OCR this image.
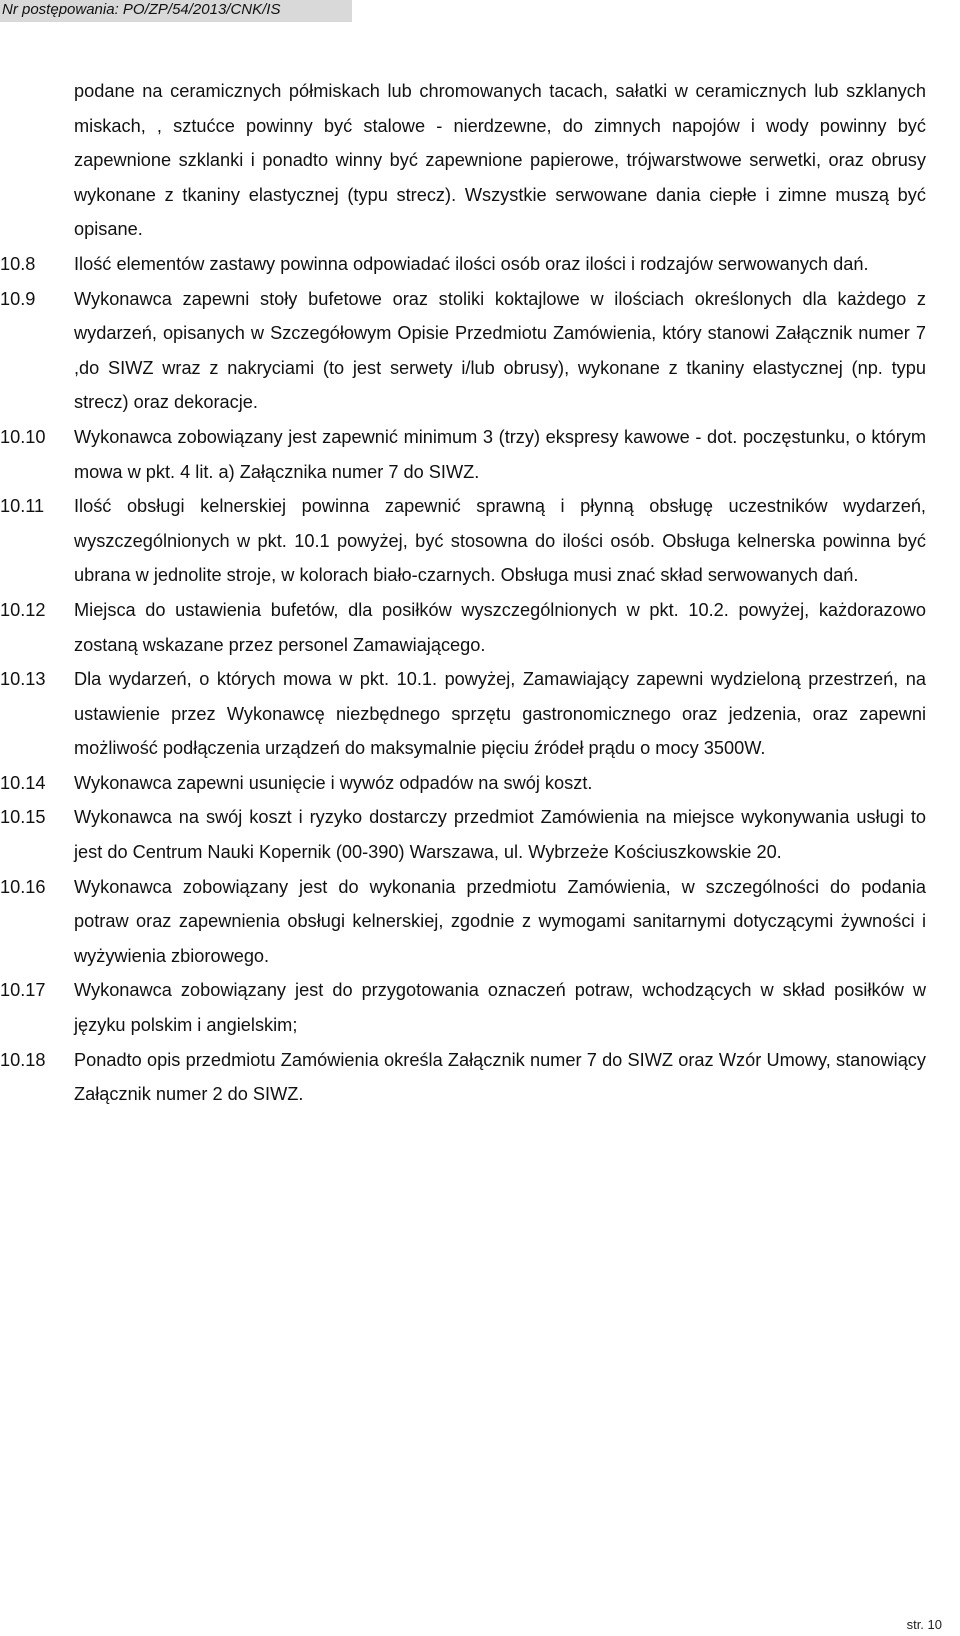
Nr postępowania: PO/ZP/54/2013/CNK/IS
podane na ceramicznych półmiskach lub chromowanych tacach, sałatki w ceramicznych lub szklanych miskach, , sztućce powinny być stalowe - nierdzewne, do zimnych napojów i wody powinny być zapewnione szklanki i ponadto winny być zapewnione papierowe, trójwarstwowe serwetki, oraz obrusy wykonane z tkaniny elastycznej (typu strecz). Wszystkie serwowane dania ciepłe i zimne muszą być opisane.
10.8	Ilość elementów zastawy powinna odpowiadać ilości osób oraz ilości i rodzajów serwowanych dań.
10.9	Wykonawca zapewni stoły bufetowe oraz stoliki koktajlowe w ilościach określonych dla każdego z wydarzeń, opisanych w Szczegółowym Opisie Przedmiotu Zamówienia, który stanowi Załącznik numer 7 ,do SIWZ wraz z nakryciami (to jest serwety i/lub obrusy), wykonane z tkaniny elastycznej (np. typu strecz) oraz dekoracje.
10.10	Wykonawca zobowiązany jest zapewnić minimum 3 (trzy) ekspresy kawowe - dot. poczęstunku, o którym mowa w pkt. 4 lit. a) Załącznika numer 7 do SIWZ.
10.11	Ilość obsługi kelnerskiej powinna zapewnić sprawną i płynną obsługę uczestników wydarzeń, wyszczególnionych w pkt. 10.1 powyżej, być stosowna do ilości osób. Obsługa kelnerska powinna być ubrana w jednolite stroje, w kolorach biało-czarnych. Obsługa musi znać skład serwowanych dań.
10.12	Miejsca do ustawienia bufetów, dla posiłków wyszczególnionych w pkt. 10.2. powyżej, każdorazowo zostaną wskazane przez personel Zamawiającego.
10.13	Dla wydarzeń, o których mowa w pkt. 10.1. powyżej, Zamawiający zapewni wydzieloną przestrzeń, na ustawienie przez Wykonawcę niezbędnego sprzętu gastronomicznego oraz jedzenia, oraz zapewni możliwość podłączenia urządzeń do maksymalnie pięciu źródeł prądu o mocy 3500W.
10.14	Wykonawca zapewni usunięcie i wywóz odpadów na swój koszt.
10.15	Wykonawca na swój koszt i ryzyko dostarczy przedmiot Zamówienia na miejsce wykonywania usługi to jest do Centrum Nauki Kopernik (00-390) Warszawa, ul. Wybrzeże Kościuszkowskie 20.
10.16	Wykonawca zobowiązany jest do wykonania przedmiotu Zamówienia, w szczególności do podania potraw oraz zapewnienia obsługi kelnerskiej, zgodnie z wymogami sanitarnymi dotyczącymi żywności i wyżywienia zbiorowego.
10.17	Wykonawca zobowiązany jest do przygotowania oznaczeń potraw, wchodzących w skład posiłków w języku polskim i angielskim;
10.18	Ponadto opis przedmiotu Zamówienia określa Załącznik numer 7 do SIWZ oraz Wzór Umowy, stanowiący Załącznik numer 2 do SIWZ.
str. 10
